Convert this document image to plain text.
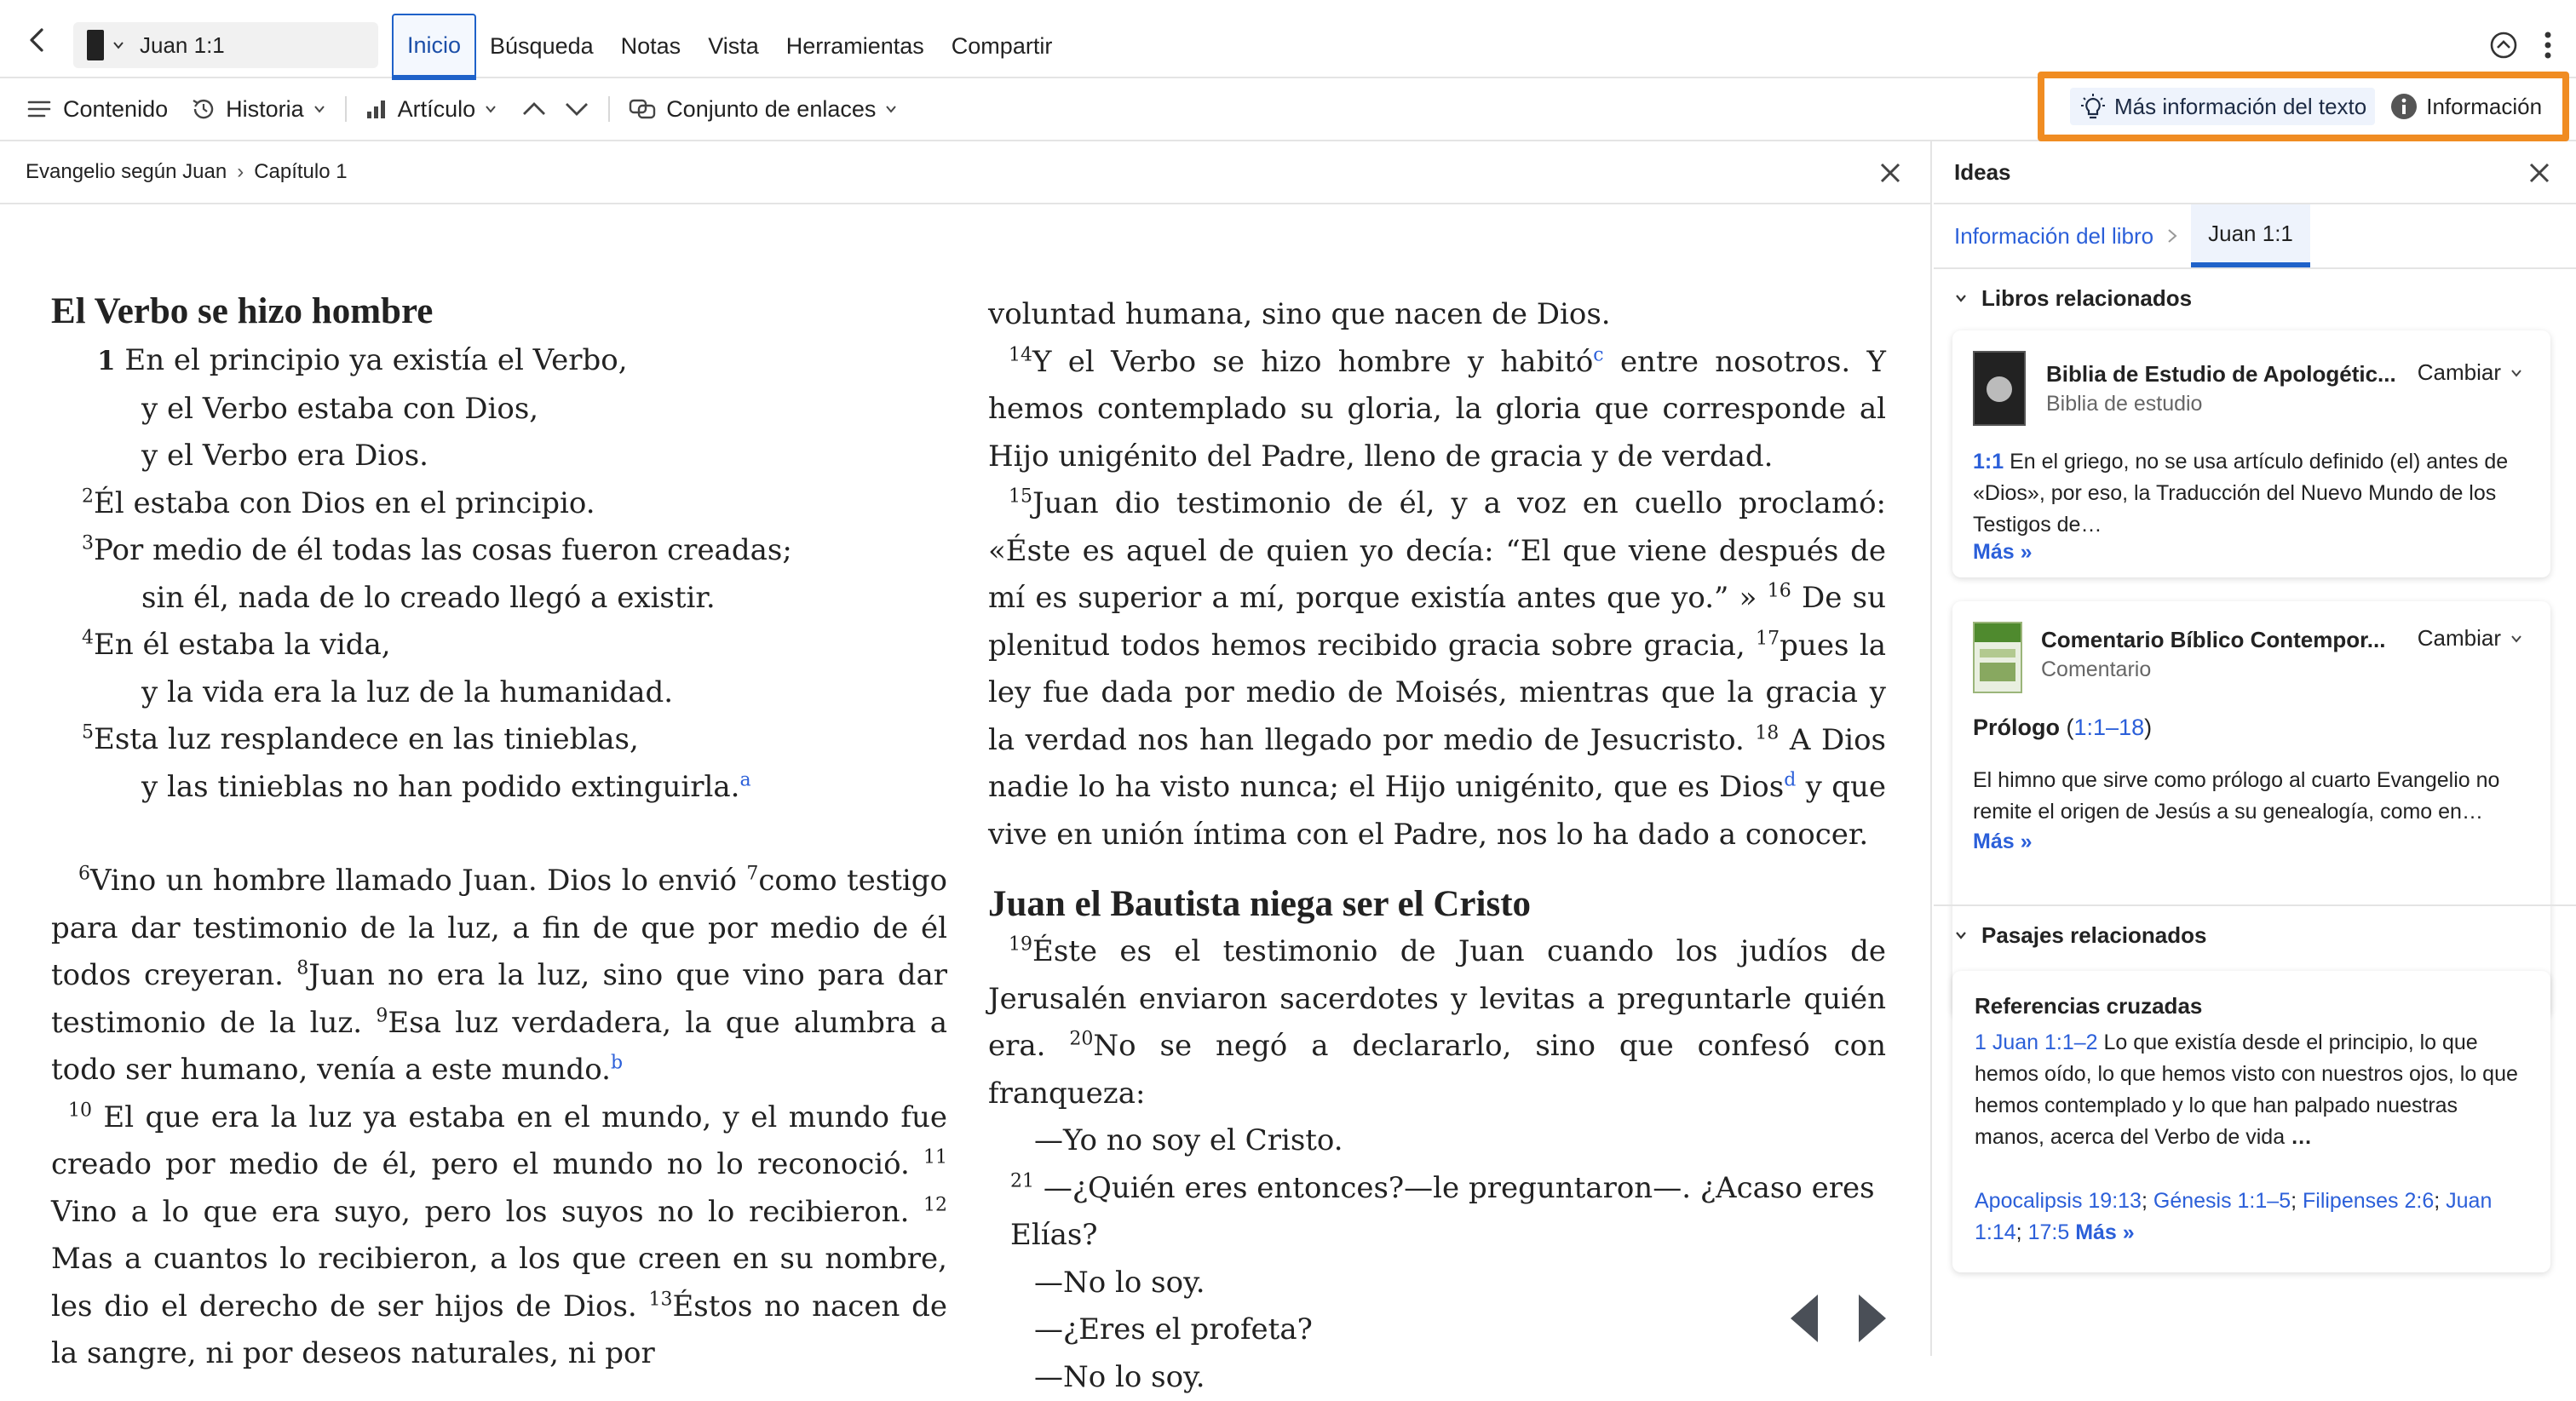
Juan 1:1	Inicio	Búsqueda	Notas	Vista	Herramientas	Compartir
Contenido	Historia	Artículo	Conjunto de enlaces	Más información del texto	Información
Evangelio según Juan › Capítulo 1
El Verbo se hizo hombre
1 En el principio ya existía el Verbo,
y el Verbo estaba con Dios,
y el Verbo era Dios.
$^2$Él estaba con Dios en el principio.
$^3$Por medio de él todas las cosas fueron creadas;
sin él, nada de lo creado llegó a existir.
$^4$En él estaba la vida,
y la vida era la luz de la humanidad.
$^5$Esta luz resplandece en las tinieblas,
y las tinieblas no han podido extinguirla.$^a$
$^6$Vino un hombre llamado Juan. Dios lo envió $^7$como testigo para dar testimonio de la luz, a fin de que por medio de él todos creyeran. $^8$Juan no era la luz, sino que vino para dar testimonio de la luz. $^9$Esa luz verdadera, la que alumbra a todo ser humano, venía a este mundo.$^b$
$^{10}$ El que era la luz ya estaba en el mundo, y el mundo fue creado por medio de él, pero el mundo no lo reconoció. $^{11}$ Vino a lo que era suyo, pero los suyos no lo recibieron. $^{12}$ Mas a cuantos lo recibieron, a los que creen en su nombre, les dio el derecho de ser hijos de Dios. $^{13}$Éstos no nacen de la sangre, ni por deseos naturales, ni por
voluntad humana, sino que nacen de Dios.
$^{14}$Y el Verbo se hizo hombre y habitó$^c$ entre nosotros. Y hemos contemplado su gloria, la gloria que corresponde al Hijo unigénito del Padre, lleno de gracia y de verdad.
$^{15}$Juan dio testimonio de él, y a voz en cuello proclamó: «Éste es aquel de quien yo decía: “El que viene después de mí es superior a mí, porque existía antes que yo.” » $^{16}$ De su plenitud todos hemos recibido gracia sobre gracia, $^{17}$pues la ley fue dada por medio de Moisés, mientras que la gracia y la verdad nos han llegado por medio de Jesucristo. $^{18}$ A Dios nadie lo ha visto nunca; el Hijo unigénito, que es Dios$^d$ y que vive en unión íntima con el Padre, nos lo ha dado a conocer.
Juan el Bautista niega ser el Cristo
$^{19}$Éste es el testimonio de Juan cuando los judíos de Jerusalén enviaron sacerdotes y levitas a preguntarle quién era. $^{20}$No se negó a declararlo, sino que confesó con franqueza:
—Yo no soy el Cristo.
$^{21}$ —¿Quién eres entonces?—le preguntaron—. ¿Acaso eres Elías?
—No lo soy.
—¿Eres el profeta?
—No lo soy.
Ideas
Información del libro	Juan 1:1
Libros relacionados
Biblia de Estudio de Apologétic...
Biblia de estudio
Cambiar
1:1 En el griego, no se usa artículo definido (el) antes de «Dios», por eso, la Traducción del Nuevo Mundo de los Testigos de…
Más »
Comentario Bíblico Contempor...
Comentario
Cambiar
Prólogo (1:1–18)
El himno que sirve como prólogo al cuarto Evangelio no remite el origen de Jesús a su genealogía, como en…
Más »
Pasajes relacionados
Referencias cruzadas
1 Juan 1:1–2 Lo que existía desde el principio, lo que hemos oído, lo que hemos visto con nuestros ojos, lo que hemos contemplado y lo que han palpado nuestras manos, acerca del Verbo de vida …
Apocalipsis 19:13; Génesis 1:1–5; Filipenses 2:6; Juan 1:14; 17:5 Más »
